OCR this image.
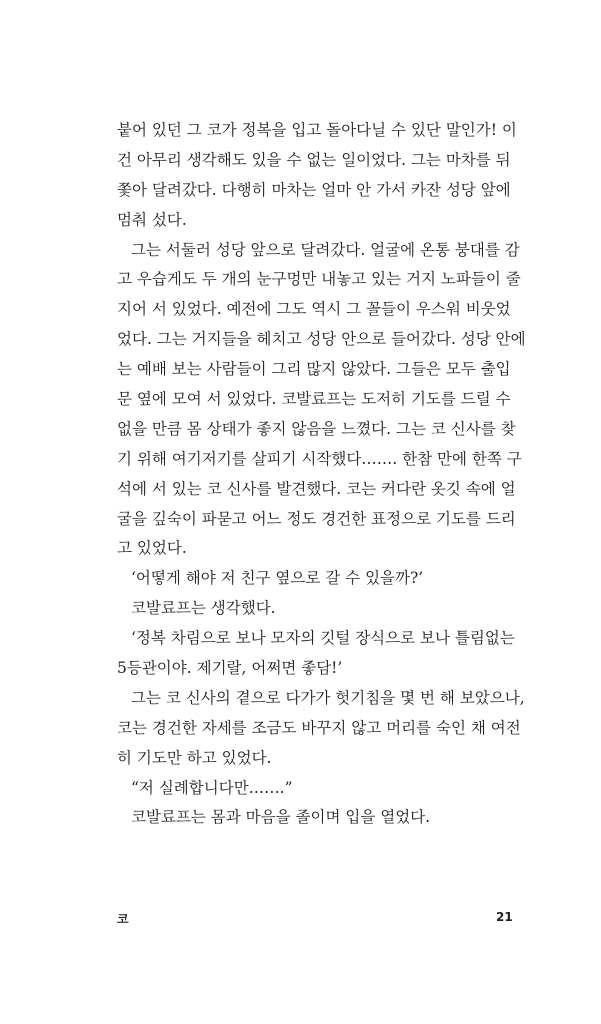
붙어 있던 그 코가 정복을 입고 돌아다닐 수 있단 말인가! 이
건 아무리 생각해도 있을 수 없는 일이었다. 그는 마차를 뒤
쫓아 달려갔다. 다행히 마차는 얼마 안 가서 카잔 성당 앞에
멈춰 섰다.
그는 서둘러 성당 앞으로 달려갔다. 얼굴에 온통 붕대를 감
고 우습게도 두 개의 눈구멍만 내놓고 있는 거지 노파들이 줄
지어 서 있었다. 예전에 그도 역시 그 꼴들이 우스워 비웃었
었다. 그는 거지들을 헤치고 성당 안으로 들어갔다. 성당 안에
는 예배 보는 사람들이 그리 많지 않았다. 그들은 모두 출입
문 옆에 모여 서 있었다. 코발료프는 도저히 기도를 드릴 수
없을 만큼 몸 상태가 좋지 않음을 느꼈다. 그는 코 신사를 찾
기 위해 여기저기를 살피기 시작했다……. 한참 만에 한쪽 구
석에 서 있는 코 신사를 발견했다. 코는 커다란 옷깃 속에 얼
굴을 깊숙이 파묻고 어느 정도 경건한 표정으로 기도를 드리
고 있었다.
‘어떻게 해야 저 친구 옆으로 갈 수 있을까?’
코발료프는 생각했다.
‘정복 차림으로 보나 모자의 깃털 장식으로 보나 틀림없는
5등관이야. 제기랄, 어쩌면 좋담!’
그는 코 신사의 곁으로 다가가 헛기침을 몇 번 해 보았으나,
코는 경건한 자세를 조금도 바꾸지 않고 머리를 숙인 채 여전
히 기도만 하고 있었다.
“저 실례합니다만…….”
코발료프는 몸과 마음을 졸이며 입을 열었다.
코	21
